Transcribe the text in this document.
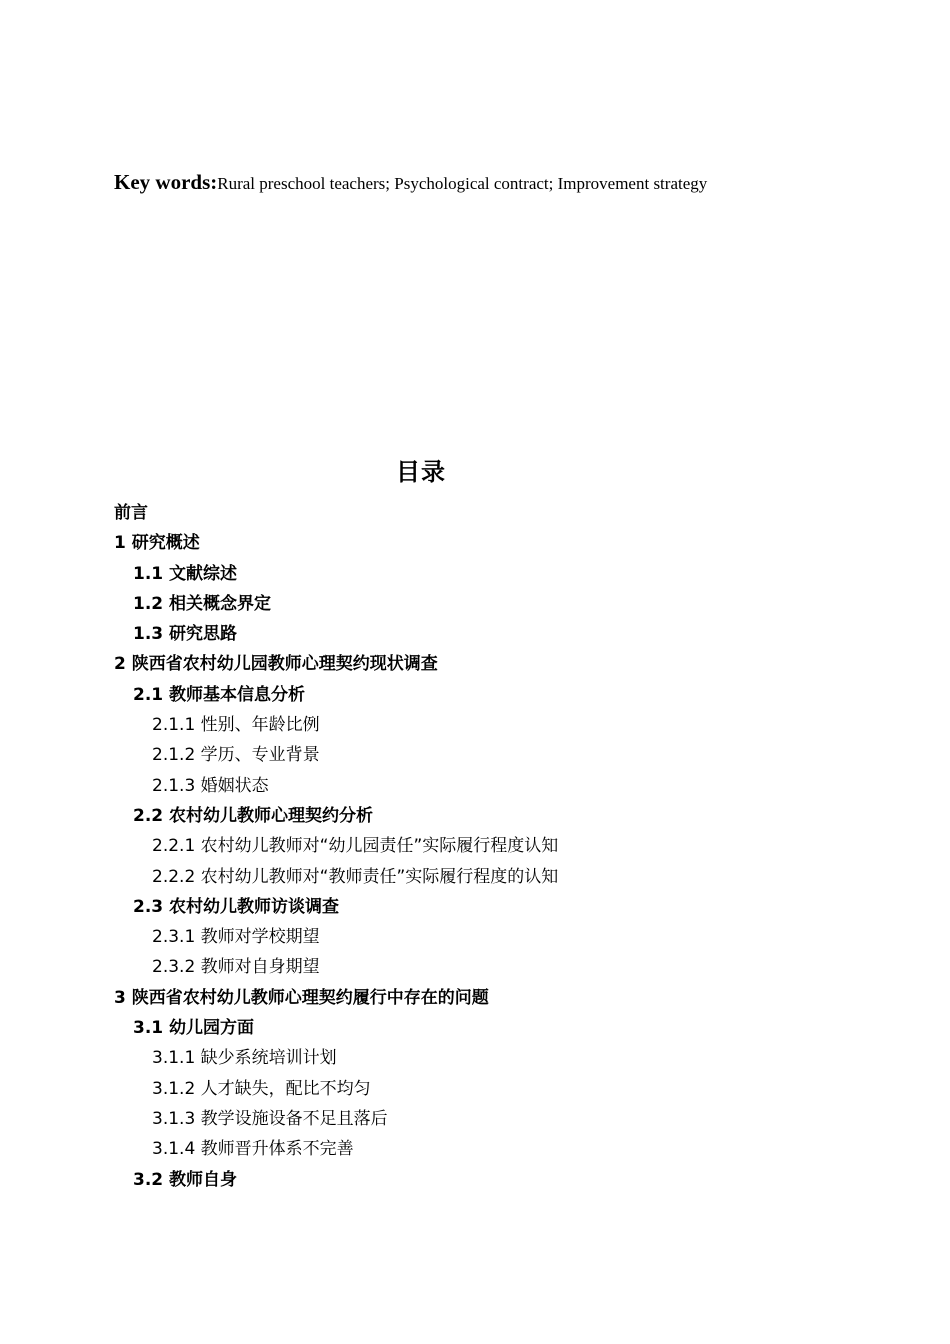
Key words:Rural preschool teachers; Psychological contract; Improvement strategy
目录
前言
1 研究概述
1.1 文献综述
1.2 相关概念界定
1.3 研究思路
2 陕西省农村幼儿园教师心理契约现状调查
2.1 教师基本信息分析
2.1.1 性别、年龄比例
2.1.2 学历、专业背景
2.1.3 婚姻状态
2.2 农村幼儿教师心理契约分析
2.2.1 农村幼儿教师对“幼儿园责任”实际履行程度认知
2.2.2 农村幼儿教师对“教师责任”实际履行程度的认知
2.3 农村幼儿教师访谈调查
2.3.1 教师对学校期望
2.3.2 教师对自身期望
3 陕西省农村幼儿教师心理契约履行中存在的问题
3.1 幼儿园方面
3.1.1 缺少系统培训计划
3.1.2 人才缺失，配比不均匀
3.1.3 教学设施设备不足且落后
3.1.4 教师晋升体系不完善
3.2 教师自身
